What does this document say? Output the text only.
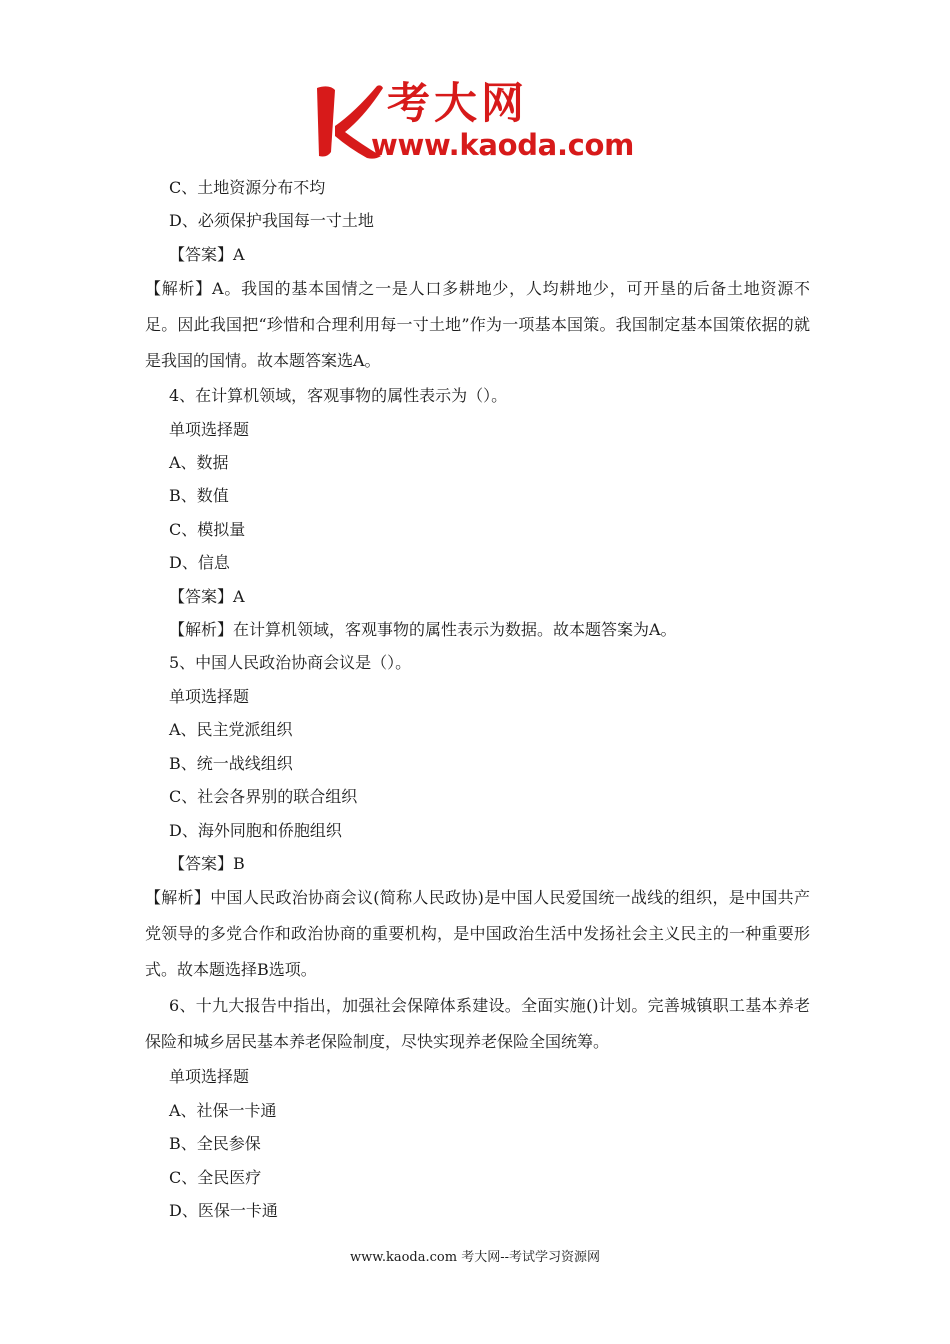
考大网
www.kaoda.com
C、土地资源分布不均
D、必须保护我国每一寸土地
【答案】A
【解析】A。我国的基本国情之一是人口多耕地少，人均耕地少，可开垦的后备土地资源不足。因此我国把“珍惜和合理利用每一寸土地”作为一项基本国策。我国制定基本国策依据的就是我国的国情。故本题答案选A。
4、在计算机领域，客观事物的属性表示为（）。
单项选择题
A、数据
B、数值
C、模拟量
D、信息
【答案】A
【解析】在计算机领域，客观事物的属性表示为数据。故本题答案为A。
5、中国人民政治协商会议是（）。
单项选择题
A、民主党派组织
B、统一战线组织
C、社会各界别的联合组织
D、海外同胞和侨胞组织
【答案】B
【解析】中国人民政治协商会议(简称人民政协)是中国人民爱国统一战线的组织，是中国共产党领导的多党合作和政治协商的重要机构，是中国政治生活中发扬社会主义民主的一种重要形式。故本题选择B选项。
6、十九大报告中指出，加强社会保障体系建设。全面实施()计划。完善城镇职工基本养老保险和城乡居民基本养老保险制度，尽快实现养老保险全国统筹。
单项选择题
A、社保一卡通
B、全民参保
C、全民医疗
D、医保一卡通
www.kaoda.com 考大网--考试学习资源网
